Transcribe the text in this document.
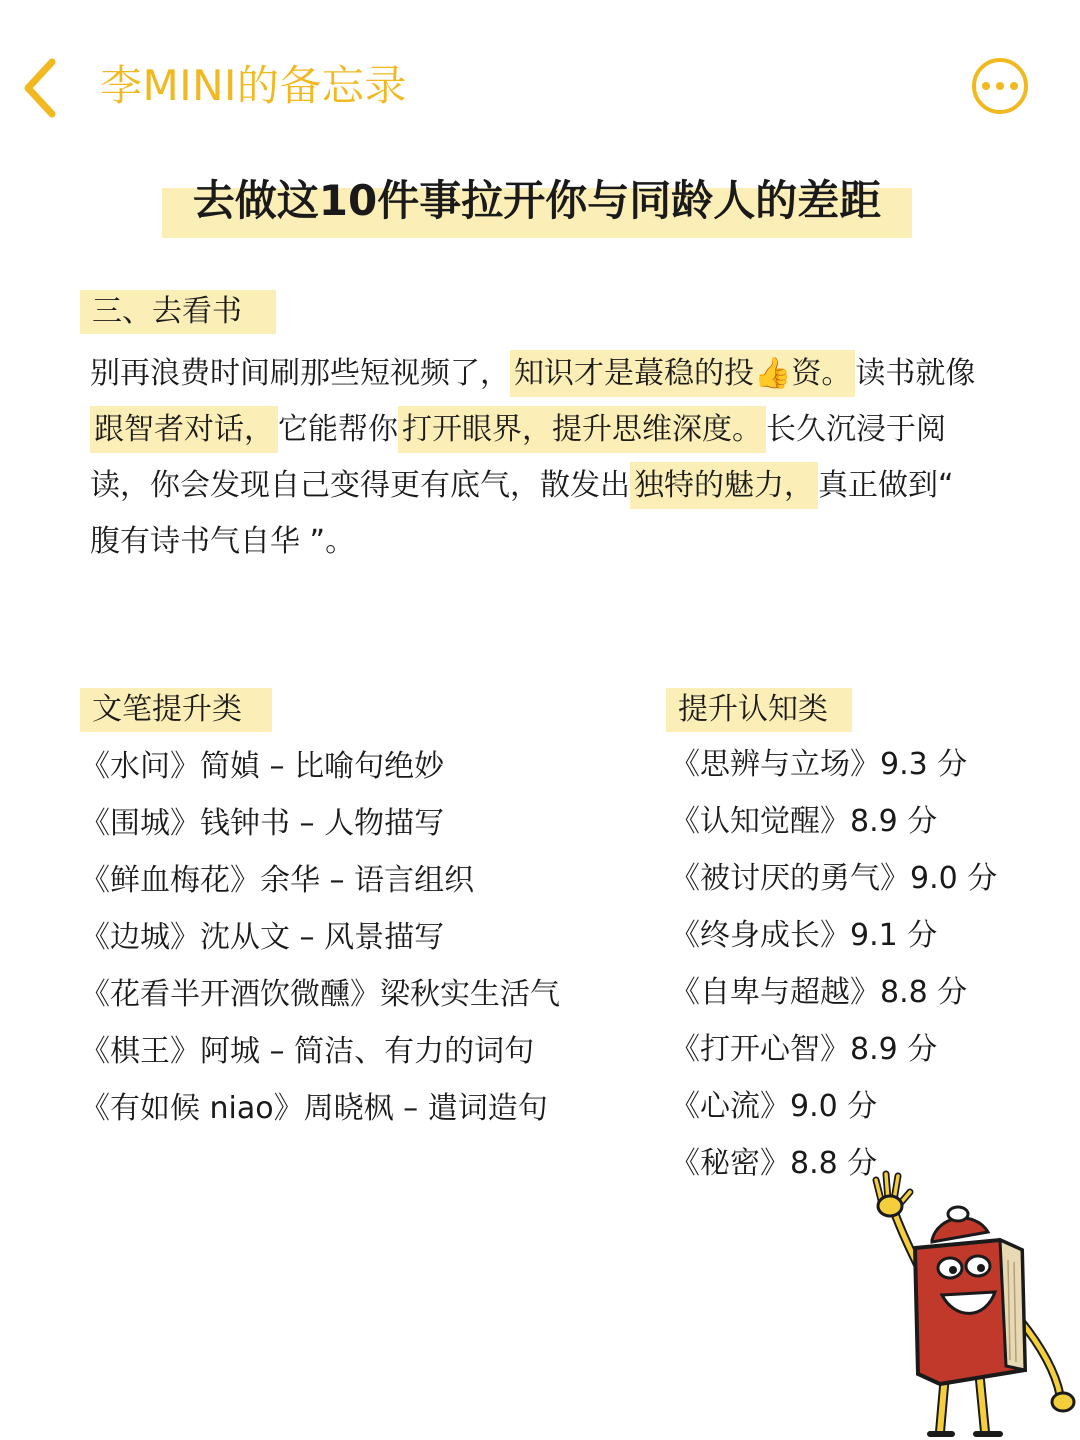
李MINI的备忘录
去做这10件事拉开你与同龄人的差距
三、去看书
别再浪费时间刷那些短视频了， 知识才是蕞稳的投👍资。 读书就像跟智者对话， 它能帮你 打开眼界，提升思维深度。 长久沉浸于阅读，你会发现自己变得更有底气，散发出 独特的魅力， 真正做到“ 腹有诗书气自华 ”。
文笔提升类
《水问》简媜 – 比喻句绝妙
《围城》钱钟书 – 人物描写
《鲜血梅花》余华 – 语言组织
《边城》沈从文 – 风景描写
《花看半开酒饮微醺》梁秋实生活气
《棋王》阿城 – 简洁、有力的词句
《有如候 niao》周晓枫 – 遣词造句
提升认知类
《思辨与立场》9.3 分
《认知觉醒》8.9 分
《被讨厌的勇气》9.0 分
《终身成长》9.1 分
《自卑与超越》8.8 分
《打开心智》8.9 分
《心流》9.0 分
《秘密》8.8 分
